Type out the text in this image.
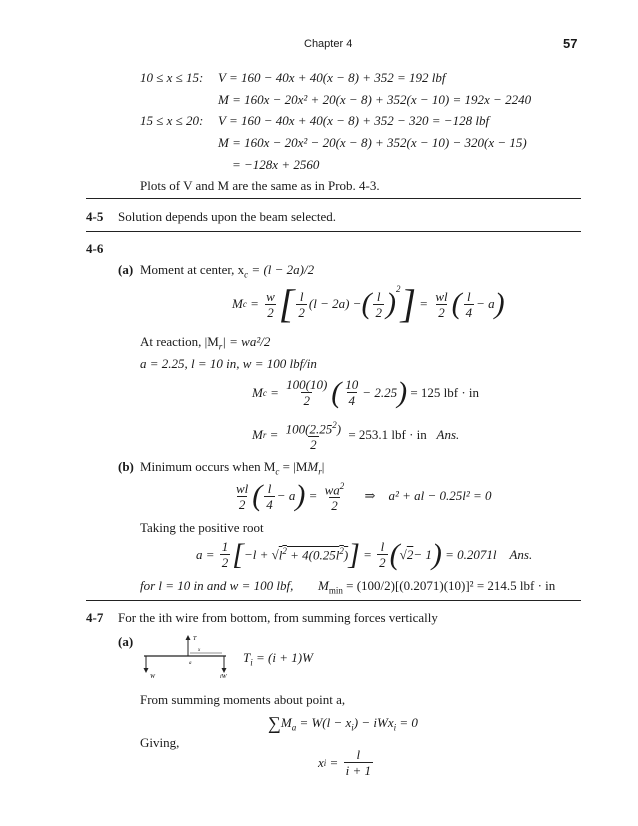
Chapter 4	57
10 ≤ x ≤ 15: V = 160 − 40x + 40(x − 8) + 352 = 192 lbf
M = 160x − 20x² + 20(x − 8) + 352(x − 10) = 192x − 2240
15 ≤ x ≤ 20: V = 160 − 40x + 40(x − 8) + 352 − 320 = −128 lbf
M = 160x − 20x² − 20(x − 8) + 352(x − 10) − 320(x − 15)
= −128x + 2560
Plots of V and M are the same as in Prob. 4-3.
4-5 Solution depends upon the beam selected.
4-6
(a) Moment at center, $x_c = (l - 2a)/2$
M $c = \frac{w}{2}$ [ $\frac{l}{2} (l - 2a)$ − ( $\frac{l}{2} )^2$ ] = $\frac{wl}{2}$ ( $\frac{l}{4} - a$ )
At reaction, $|M_r| = wa^2/2$
a = 2.25, l = 10 in, w = 100 lbf/in
M $c = \frac{100(10)}{2}$ ( $\frac{10}{4} - 2.25$ )
= 125 lbf · in
M $r = \frac{100(2.25^2)}{2}$
= 253.1 lbf · in
Ans.
(b) Minimum occurs when $M_c = |MM_r|$
$\frac{wl}{2}$ ( $\frac{l}{4} - a$ ) = $\frac{wa^2}{2}$
⇒
a² + al − 0.25l² = 0
Taking the positive root
$a = \frac{1}{2}$ [ −l + √ $l^2 + 4(0.25l^2)$ ] = $\frac{l}{2}$ ( √ 2 − 1 )
= 0.2071l
Ans.
for l = 10 in and w = 100 lbf, $M_{min} = (100/2)[(0.2071)(10)]^2 = 214.5$ lbf · in
4-7 For the ith wire from bottom, from summing forces vertically
(a)	T
x
a
W	iW
$T_i = (i + 1)W$
From summing moments about point a,
$\sum M_a = W(l - x_i) - iWx_i = 0$
Giving,
x $i = \frac{l}{i + 1}$
